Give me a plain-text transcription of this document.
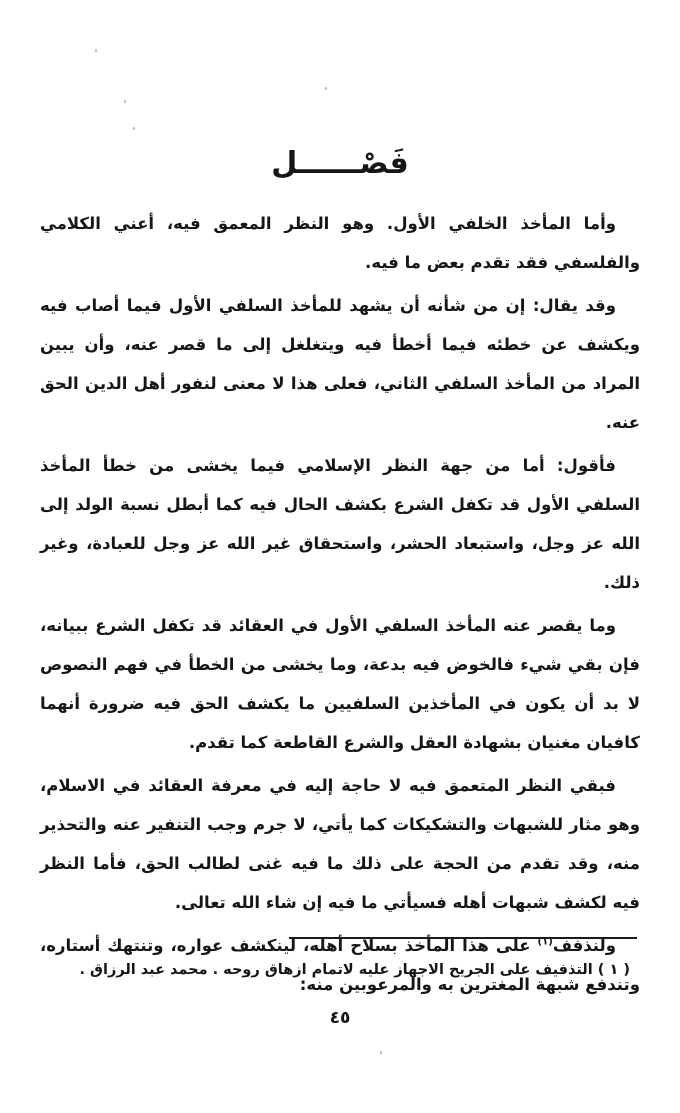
فَصْــــــل

وأما المأخذ الخلفي الأول. وهو النظر المعمق فيه، أعني الكلامي والفلسفي فقد تقدم بعض ما فيه.

وقد يقال: إن من شأنه أن يشهد للمأخذ السلفي الأول فيما أصاب فيه ويكشف عن خطئه فيما أخطأ فيه ويتغلغل إلى ما قصر عنه، وأن يبين المراد من المأخذ السلفي الثاني، فعلى هذا لا معنى لنفور أهل الدين الحق عنه.

فأقول: أما من جهة النظر الإسلامي فيما يخشى من خطأ المأخذ السلفي الأول قد تكفل الشرع بكشف الحال فيه كما أبطل نسبة الولد إلى الله عز وجل، واستبعاد الحشر، واستحقاق غير الله عز وجل للعبادة، وغير ذلك.

وما يقصر عنه المأخذ السلفي الأول في العقائد قد تكفل الشرع ببيانه، فإن بقي شيء فالخوض فيه بدعة، وما يخشى من الخطأ في فهم النصوص لا بد أن يكون في المأخذين السلفيين ما يكشف الحق فيه ضرورة أنهما كافيان مغنيان بشهادة العقل والشرع القاطعة كما تقدم.

فبقي النظر المتعمق فيه لا حاجة إليه في معرفة العقائد في الاسلام، وهو مثار للشبهات والتشكيكات كما يأتي، لا جرم وجب التنفير عنه والتحذير منه، وقد تقدم من الحجة على ذلك ما فيه غنى لطالب الحق، فأما النظر فيه لكشف شبهات أهله فسيأتي ما فيه إن شاء الله تعالى.

ولنذفف$^{(١)}$ على هذا المأخذ بسلاح أهله، لينكشف عواره، وتنتهك أستاره، وتندفع شبهة المغترين به والمرعوبين منه:

( ١ ) التذفيف على الجريح الاجهاز عليه لاتمام ازهاق روحه . محمد عبد الرزاق .
٤٥
